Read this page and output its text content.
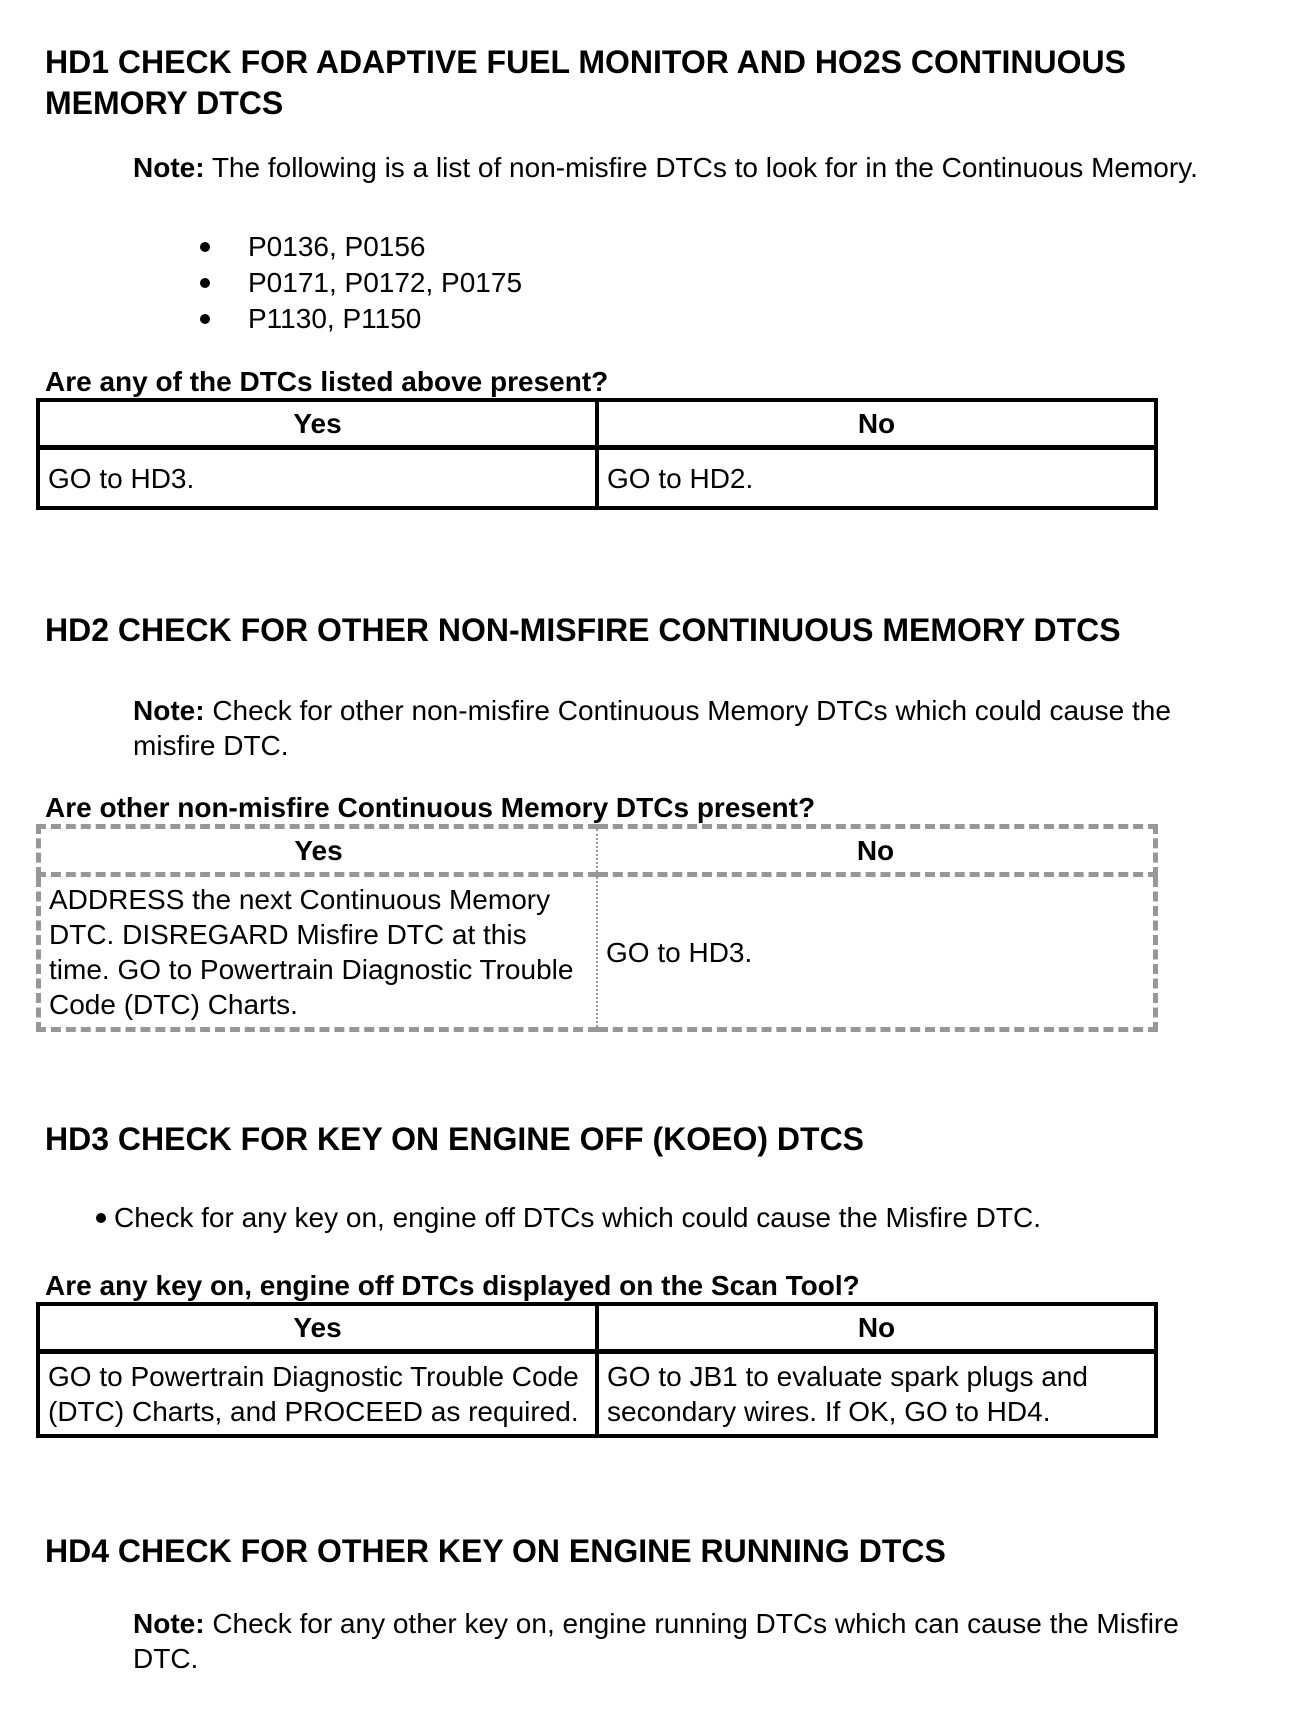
HD1 CHECK FOR ADAPTIVE FUEL MONITOR AND HO2S CONTINUOUS MEMORY DTCS
Note: The following is a list of non-misfire DTCs to look for in the Continuous Memory.
P0136, P0156
P0171, P0172, P0175
P1130, P1150
Are any of the DTCs listed above present?
Yes	No
GO to HD3.	GO to HD2.
HD2 CHECK FOR OTHER NON-MISFIRE CONTINUOUS MEMORY DTCS
Note: Check for other non-misfire Continuous Memory DTCs which could cause the misfire DTC.
Are other non-misfire Continuous Memory DTCs present?
Yes	No
ADDRESS the next Continuous Memory DTC. DISREGARD Misfire DTC at this time. GO to Powertrain Diagnostic Trouble Code (DTC) Charts.	GO to HD3.
HD3 CHECK FOR KEY ON ENGINE OFF (KOEO) DTCS
Check for any key on, engine off DTCs which could cause the Misfire DTC.
Are any key on, engine off DTCs displayed on the Scan Tool?
Yes	No
GO to Powertrain Diagnostic Trouble Code (DTC) Charts, and PROCEED as required.	GO to JB1 to evaluate spark plugs and secondary wires. If OK, GO to HD4.
HD4 CHECK FOR OTHER KEY ON ENGINE RUNNING DTCS
Note: Check for any other key on, engine running DTCs which can cause the Misfire DTC.
